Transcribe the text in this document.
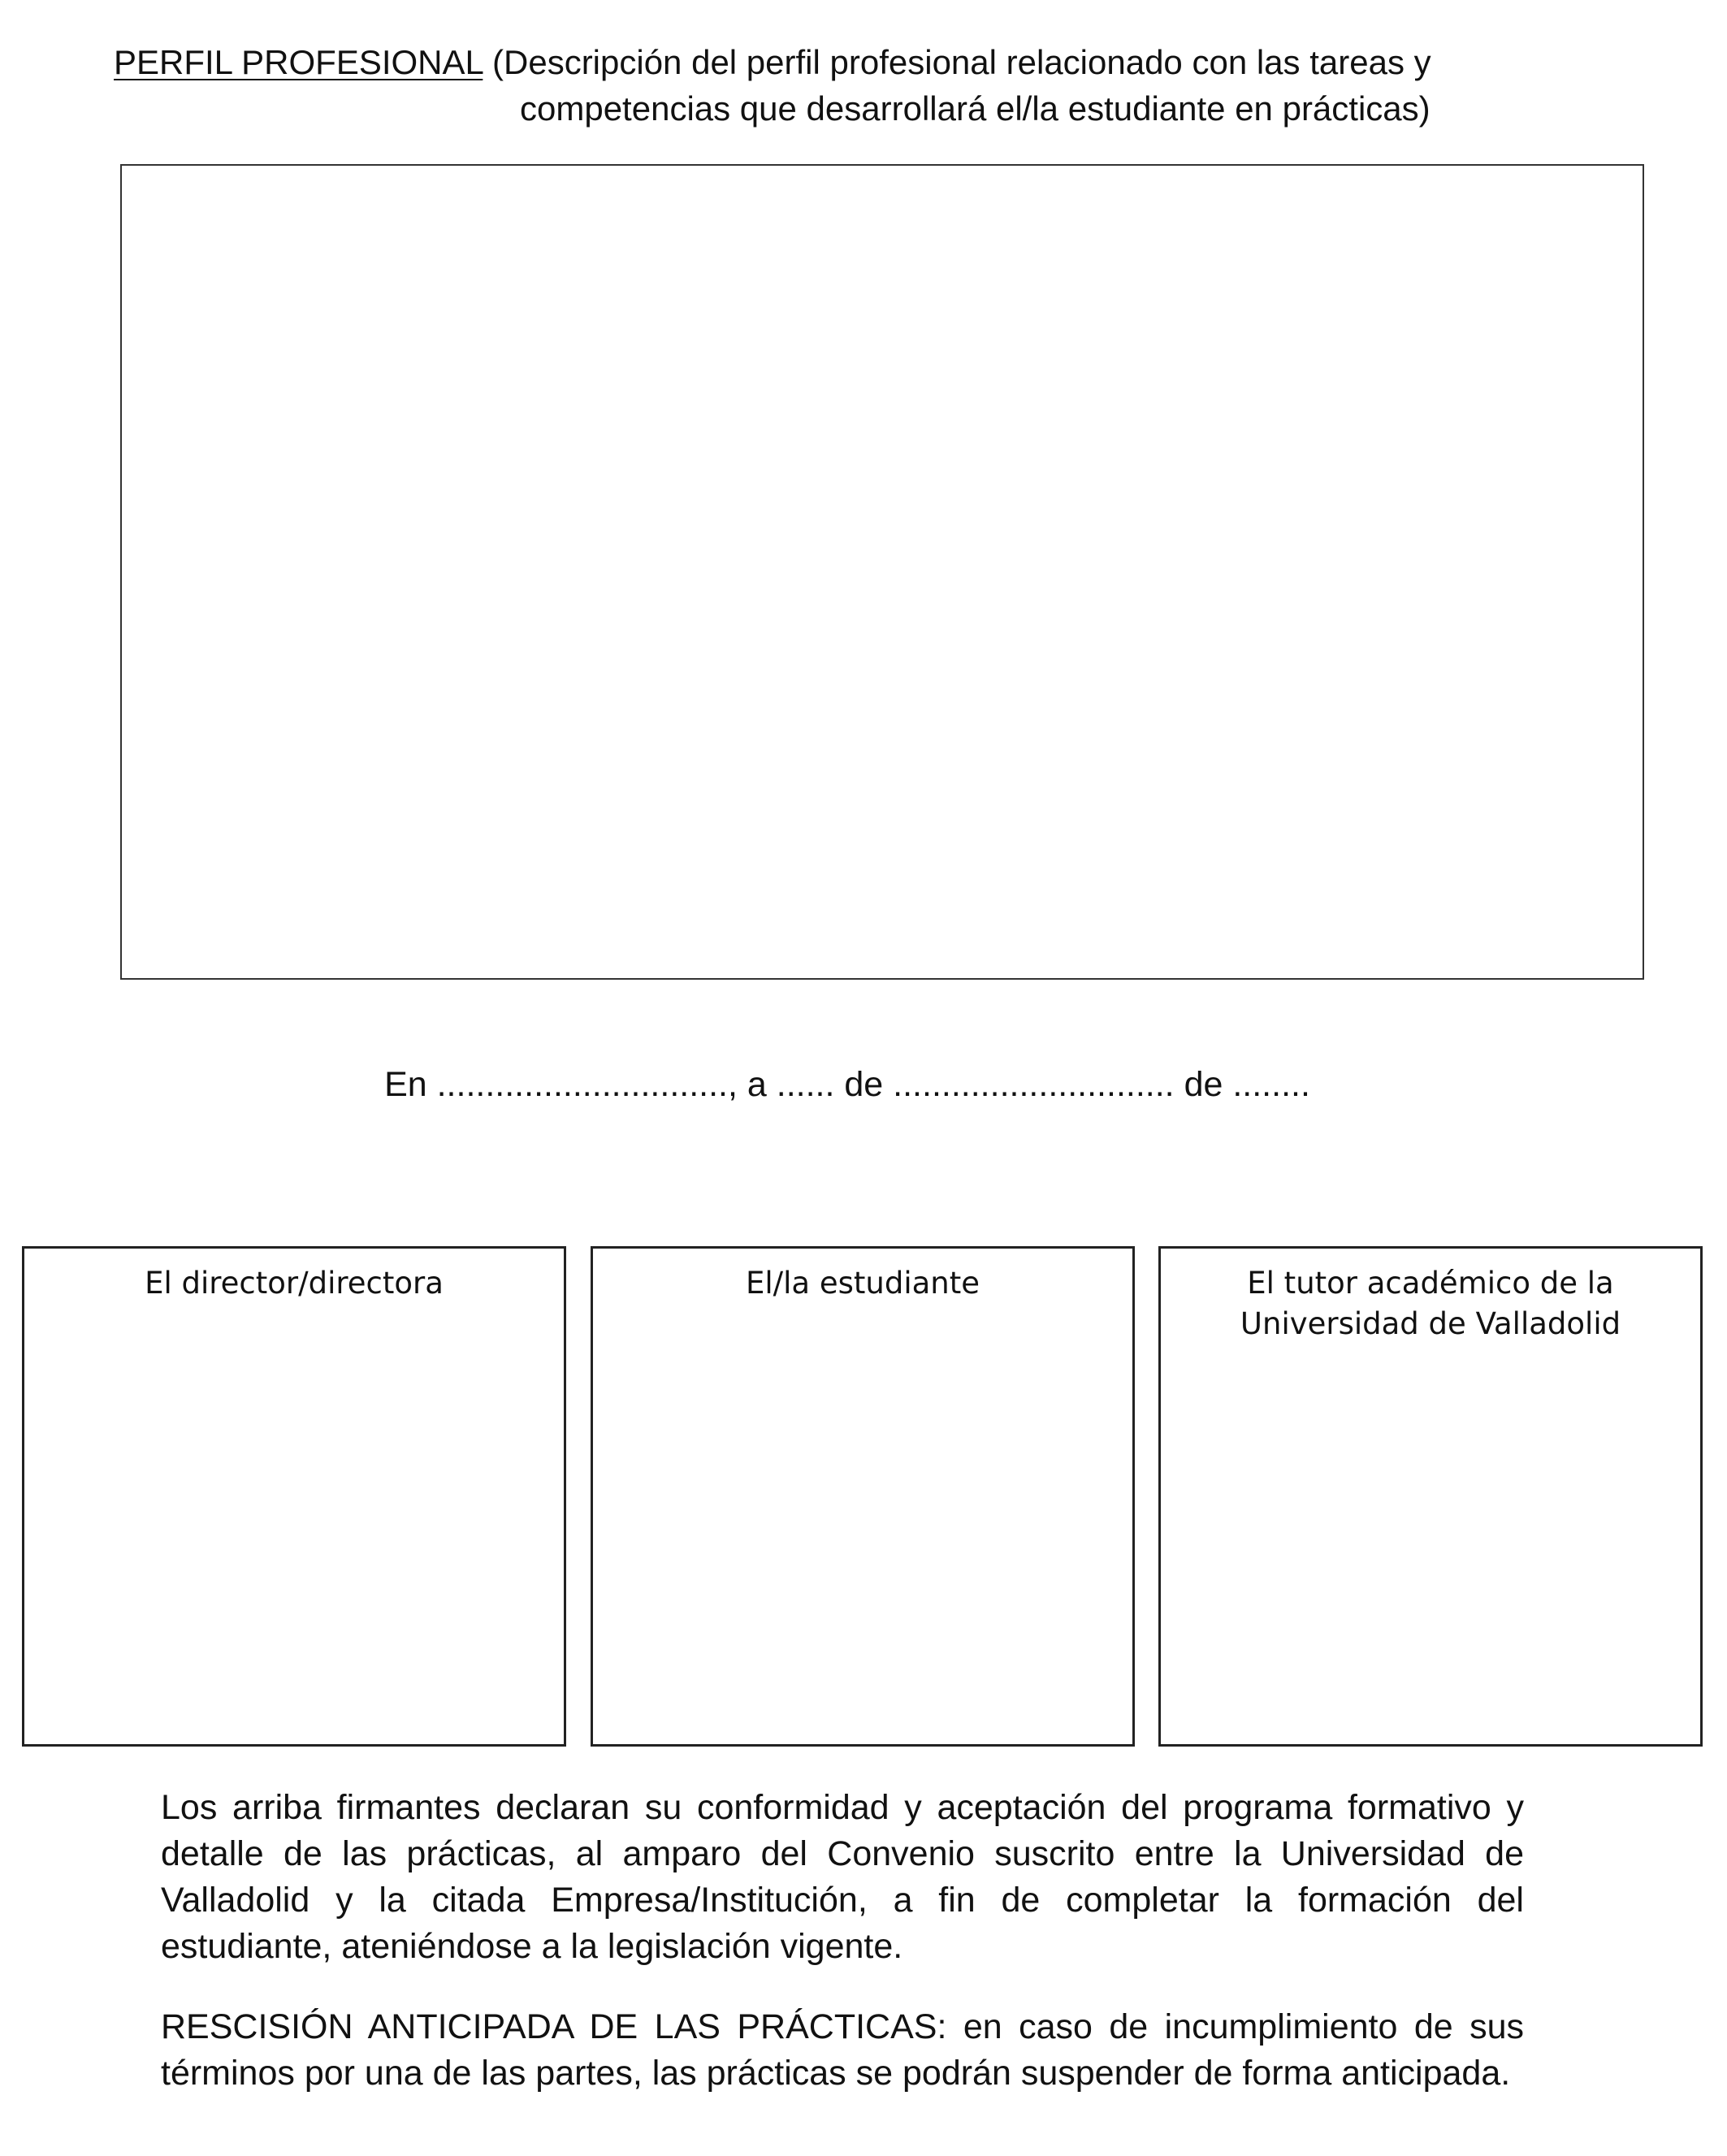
PERFIL PROFESIONAL (Descripción del perfil profesional relacionado con las tareas y
competencias que desarrollará el/la estudiante en prácticas)
En .............................., a ...... de ............................. de ........
El director/directora	El/la estudiante	El tutor académico de la Universidad de Valladolid
Los arriba firmantes declaran su conformidad y aceptación del programa formativo y detalle de las prácticas, al amparo del Convenio suscrito entre la Universidad de Valladolid y la citada Empresa/Institución, a fin de completar la formación del estudiante, ateniéndose a la legislación vigente.
RESCISIÓN ANTICIPADA DE LAS PRÁCTICAS: en caso de incumplimiento de sus términos por una de las partes, las prácticas se podrán suspender de forma anticipada.
